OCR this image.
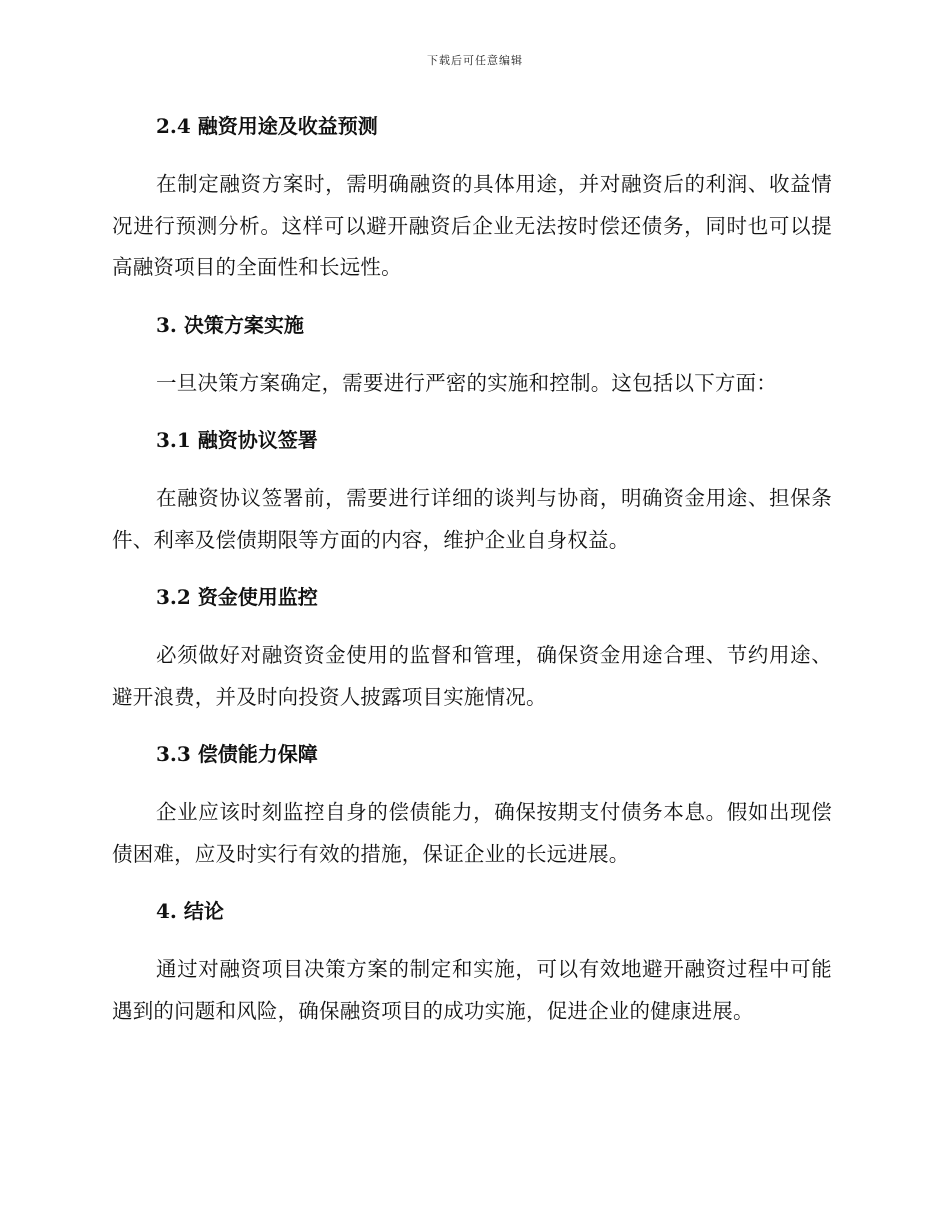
下载后可任意编辑

2.4 融资用途及收益预测

在制定融资方案时，需明确融资的具体用途，并对融资后的利润、收益情况进行预测分析。这样可以避开融资后企业无法按时偿还债务，同时也可以提高融资项目的全面性和长远性。

3. 决策方案实施

一旦决策方案确定，需要进行严密的实施和控制。这包括以下方面：

3.1 融资协议签署

在融资协议签署前，需要进行详细的谈判与协商，明确资金用途、担保条件、利率及偿债期限等方面的内容，维护企业自身权益。

3.2 资金使用监控

必须做好对融资资金使用的监督和管理，确保资金用途合理、节约用途、避开浪费，并及时向投资人披露项目实施情况。

3.3 偿债能力保障

企业应该时刻监控自身的偿债能力，确保按期支付债务本息。假如出现偿债困难，应及时实行有效的措施，保证企业的长远进展。

4. 结论

通过对融资项目决策方案的制定和实施，可以有效地避开融资过程中可能遇到的问题和风险，确保融资项目的成功实施，促进企业的健康进展。
